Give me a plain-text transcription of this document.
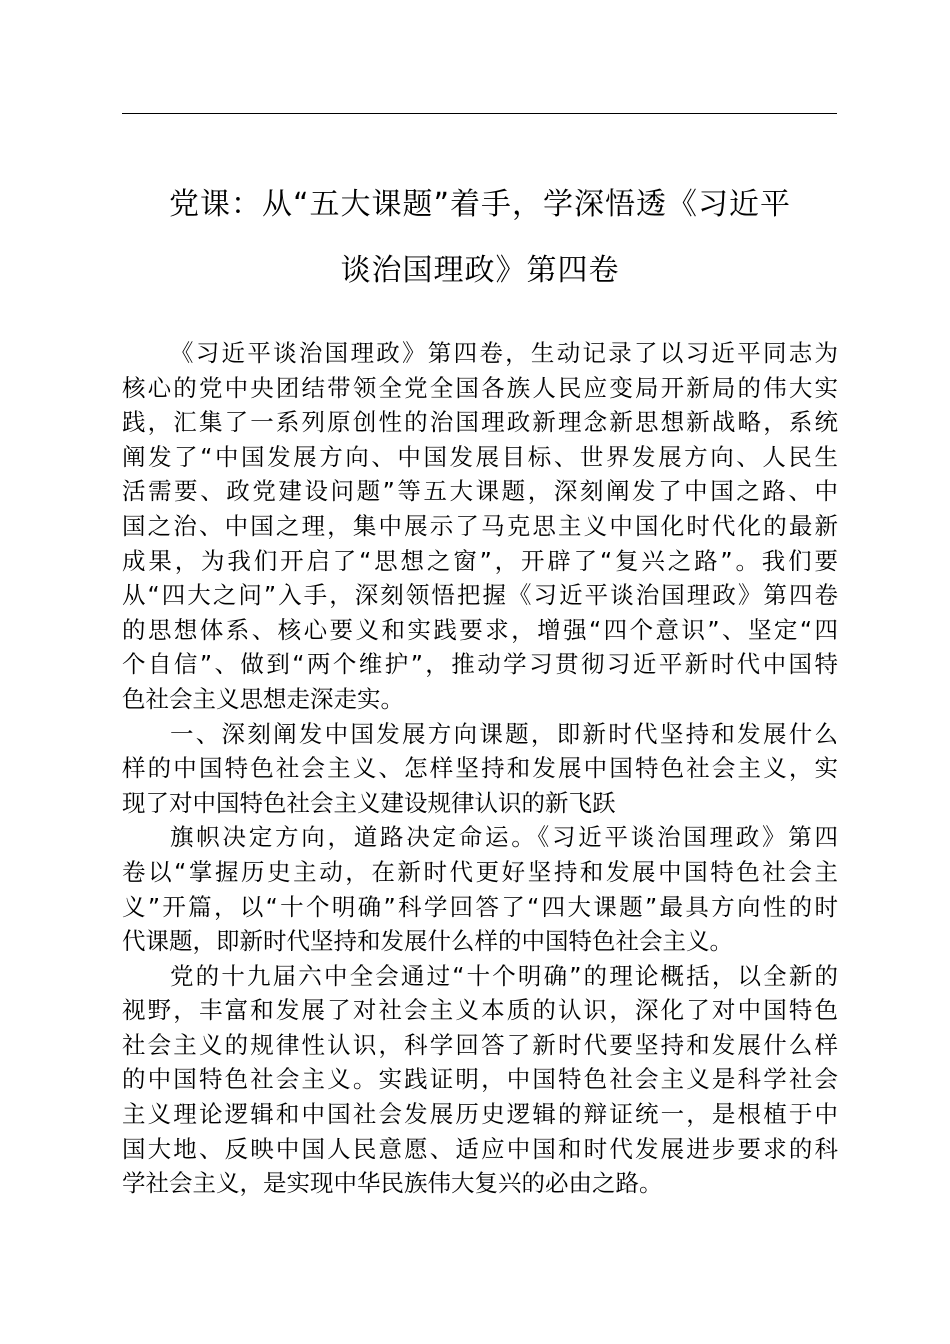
党课：从“五大课题”着手，学深悟透《习近平
谈治国理政》第四卷

《习近平谈治国理政》第四卷，生动记录了以习近平同志为
核心的党中央团结带领全党全国各族人民应变局开新局的伟大实
践，汇集了一系列原创性的治国理政新理念新思想新战略，系统
阐发了“中国发展方向、中国发展目标、世界发展方向、人民生
活需要、政党建设问题”等五大课题，深刻阐发了中国之路、中
国之治、中国之理，集中展示了马克思主义中国化时代化的最新
成果，为我们开启了“思想之窗”，开辟了“复兴之路”。我们要
从“四大之问”入手，深刻领悟把握《习近平谈治国理政》第四卷
的思想体系、核心要义和实践要求，增强“四个意识”、坚定“四
个自信”、做到“两个维护”，推动学习贯彻习近平新时代中国特
色社会主义思想走深走实。

一、深刻阐发中国发展方向课题，即新时代坚持和发展什么
样的中国特色社会主义、怎样坚持和发展中国特色社会主义，实
现了对中国特色社会主义建设规律认识的新飞跃

旗帜决定方向，道路决定命运。《习近平谈治国理政》第四
卷以“掌握历史主动，在新时代更好坚持和发展中国特色社会主
义”开篇，以“十个明确”科学回答了“四大课题”最具方向性的时
代课题，即新时代坚持和发展什么样的中国特色社会主义。

党的十九届六中全会通过“十个明确”的理论概括，以全新的
视野，丰富和发展了对社会主义本质的认识，深化了对中国特色
社会主义的规律性认识，科学回答了新时代要坚持和发展什么样
的中国特色社会主义。实践证明，中国特色社会主义是科学社会
主义理论逻辑和中国社会发展历史逻辑的辩证统一，是根植于中
国大地、反映中国人民意愿、适应中国和时代发展进步要求的科
学社会主义，是实现中华民族伟大复兴的必由之路。
